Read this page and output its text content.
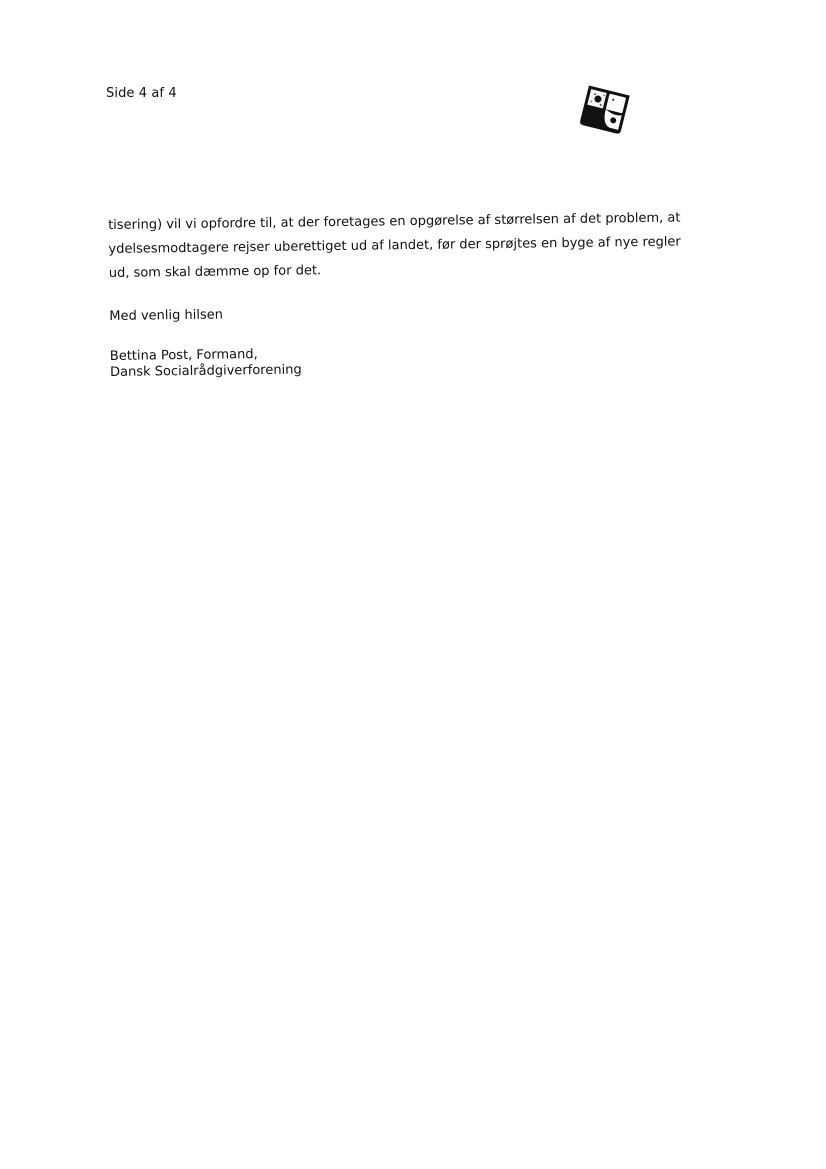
Side 4 af 4

tisering) vil vi opfordre til, at der foretages en opgørelse af størrelsen af det problem, at
ydelsesmodtagere rejser uberettiget ud af landet, før der sprøjtes en byge af nye regler
ud, som skal dæmme op for det.

Med venlig hilsen

Bettina Post, Formand,
Dansk Socialrådgiverforening
